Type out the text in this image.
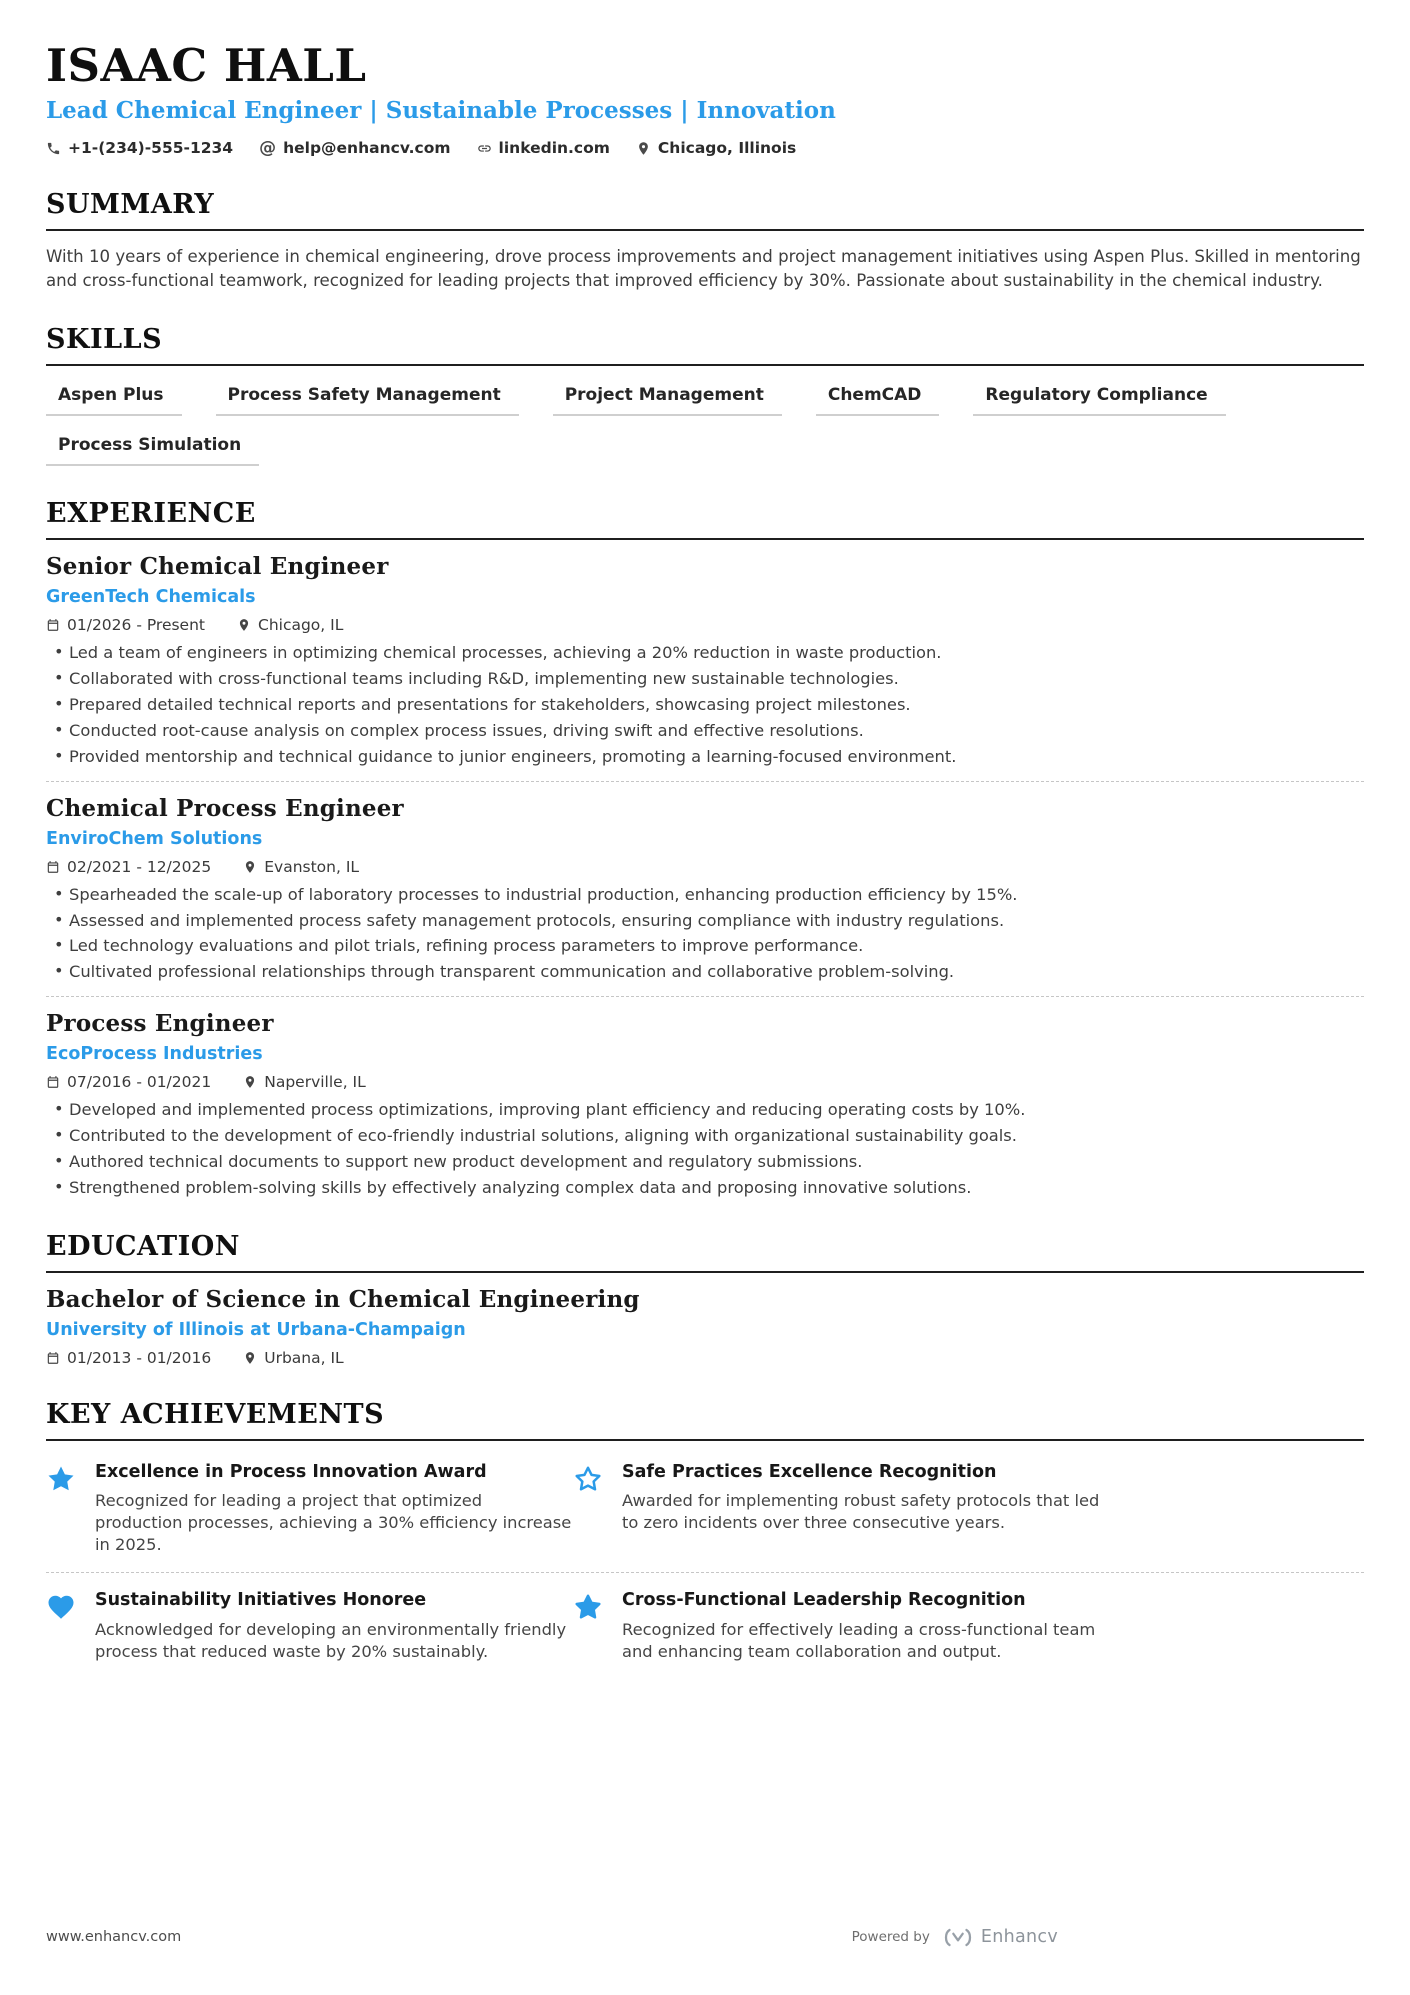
ISAAC HALL
Lead Chemical Engineer | Sustainable Processes | Innovation
+1-(234)-555-1234 @ help@enhancv.com	linkedin.com	Chicago, Illinois
SUMMARY

With 10 years of experience in chemical engineering, drove process improvements and project management initiatives using Aspen Plus. Skilled in mentoring and cross-functional teamwork, recognized for leading projects that improved efficiency by 30%. Passionate about sustainability in the chemical industry.

SKILLS
Aspen Plus	Process Safety Management	Project Management	ChemCAD	Regulatory Compliance
Process Simulation
EXPERIENCE
Senior Chemical Engineer
GreenTech Chemicals
01/2026 - Present	Chicago, IL
• Led a team of engineers in optimizing chemical processes, achieving a 20% reduction in waste production.
• Collaborated with cross-functional teams including R&D, implementing new sustainable technologies.
• Prepared detailed technical reports and presentations for stakeholders, showcasing project milestones.
• Conducted root-cause analysis on complex process issues, driving swift and effective resolutions.
• Provided mentorship and technical guidance to junior engineers, promoting a learning-focused environment.
Chemical Process Engineer
EnviroChem Solutions
02/2021 - 12/2025	Evanston, IL
• Spearheaded the scale-up of laboratory processes to industrial production, enhancing production efficiency by 15%.
• Assessed and implemented process safety management protocols, ensuring compliance with industry regulations.
• Led technology evaluations and pilot trials, refining process parameters to improve performance.
• Cultivated professional relationships through transparent communication and collaborative problem-solving.
Process Engineer
EcoProcess Industries
07/2016 - 01/2021	Naperville, IL
• Developed and implemented process optimizations, improving plant efficiency and reducing operating costs by 10%.
• Contributed to the development of eco-friendly industrial solutions, aligning with organizational sustainability goals.
• Authored technical documents to support new product development and regulatory submissions.
• Strengthened problem-solving skills by effectively analyzing complex data and proposing innovative solutions.
EDUCATION
Bachelor of Science in Chemical Engineering
University of Illinois at Urbana-Champaign
01/2013 - 01/2016	Urbana, IL
KEY ACHIEVEMENTS
Excellence in Process Innovation Award
Recognized for leading a project that optimized production processes, achieving a 30% efficiency increase in 2025.
Safe Practices Excellence Recognition
Awarded for implementing robust safety protocols that led to zero incidents over three consecutive years.
Sustainability Initiatives Honoree
Acknowledged for developing an environmentally friendly process that reduced waste by 20% sustainably.
Cross-Functional Leadership Recognition
Recognized for effectively leading a cross-functional team and enhancing team collaboration and output.
www.enhancv.com	Powered by	Enhancv
